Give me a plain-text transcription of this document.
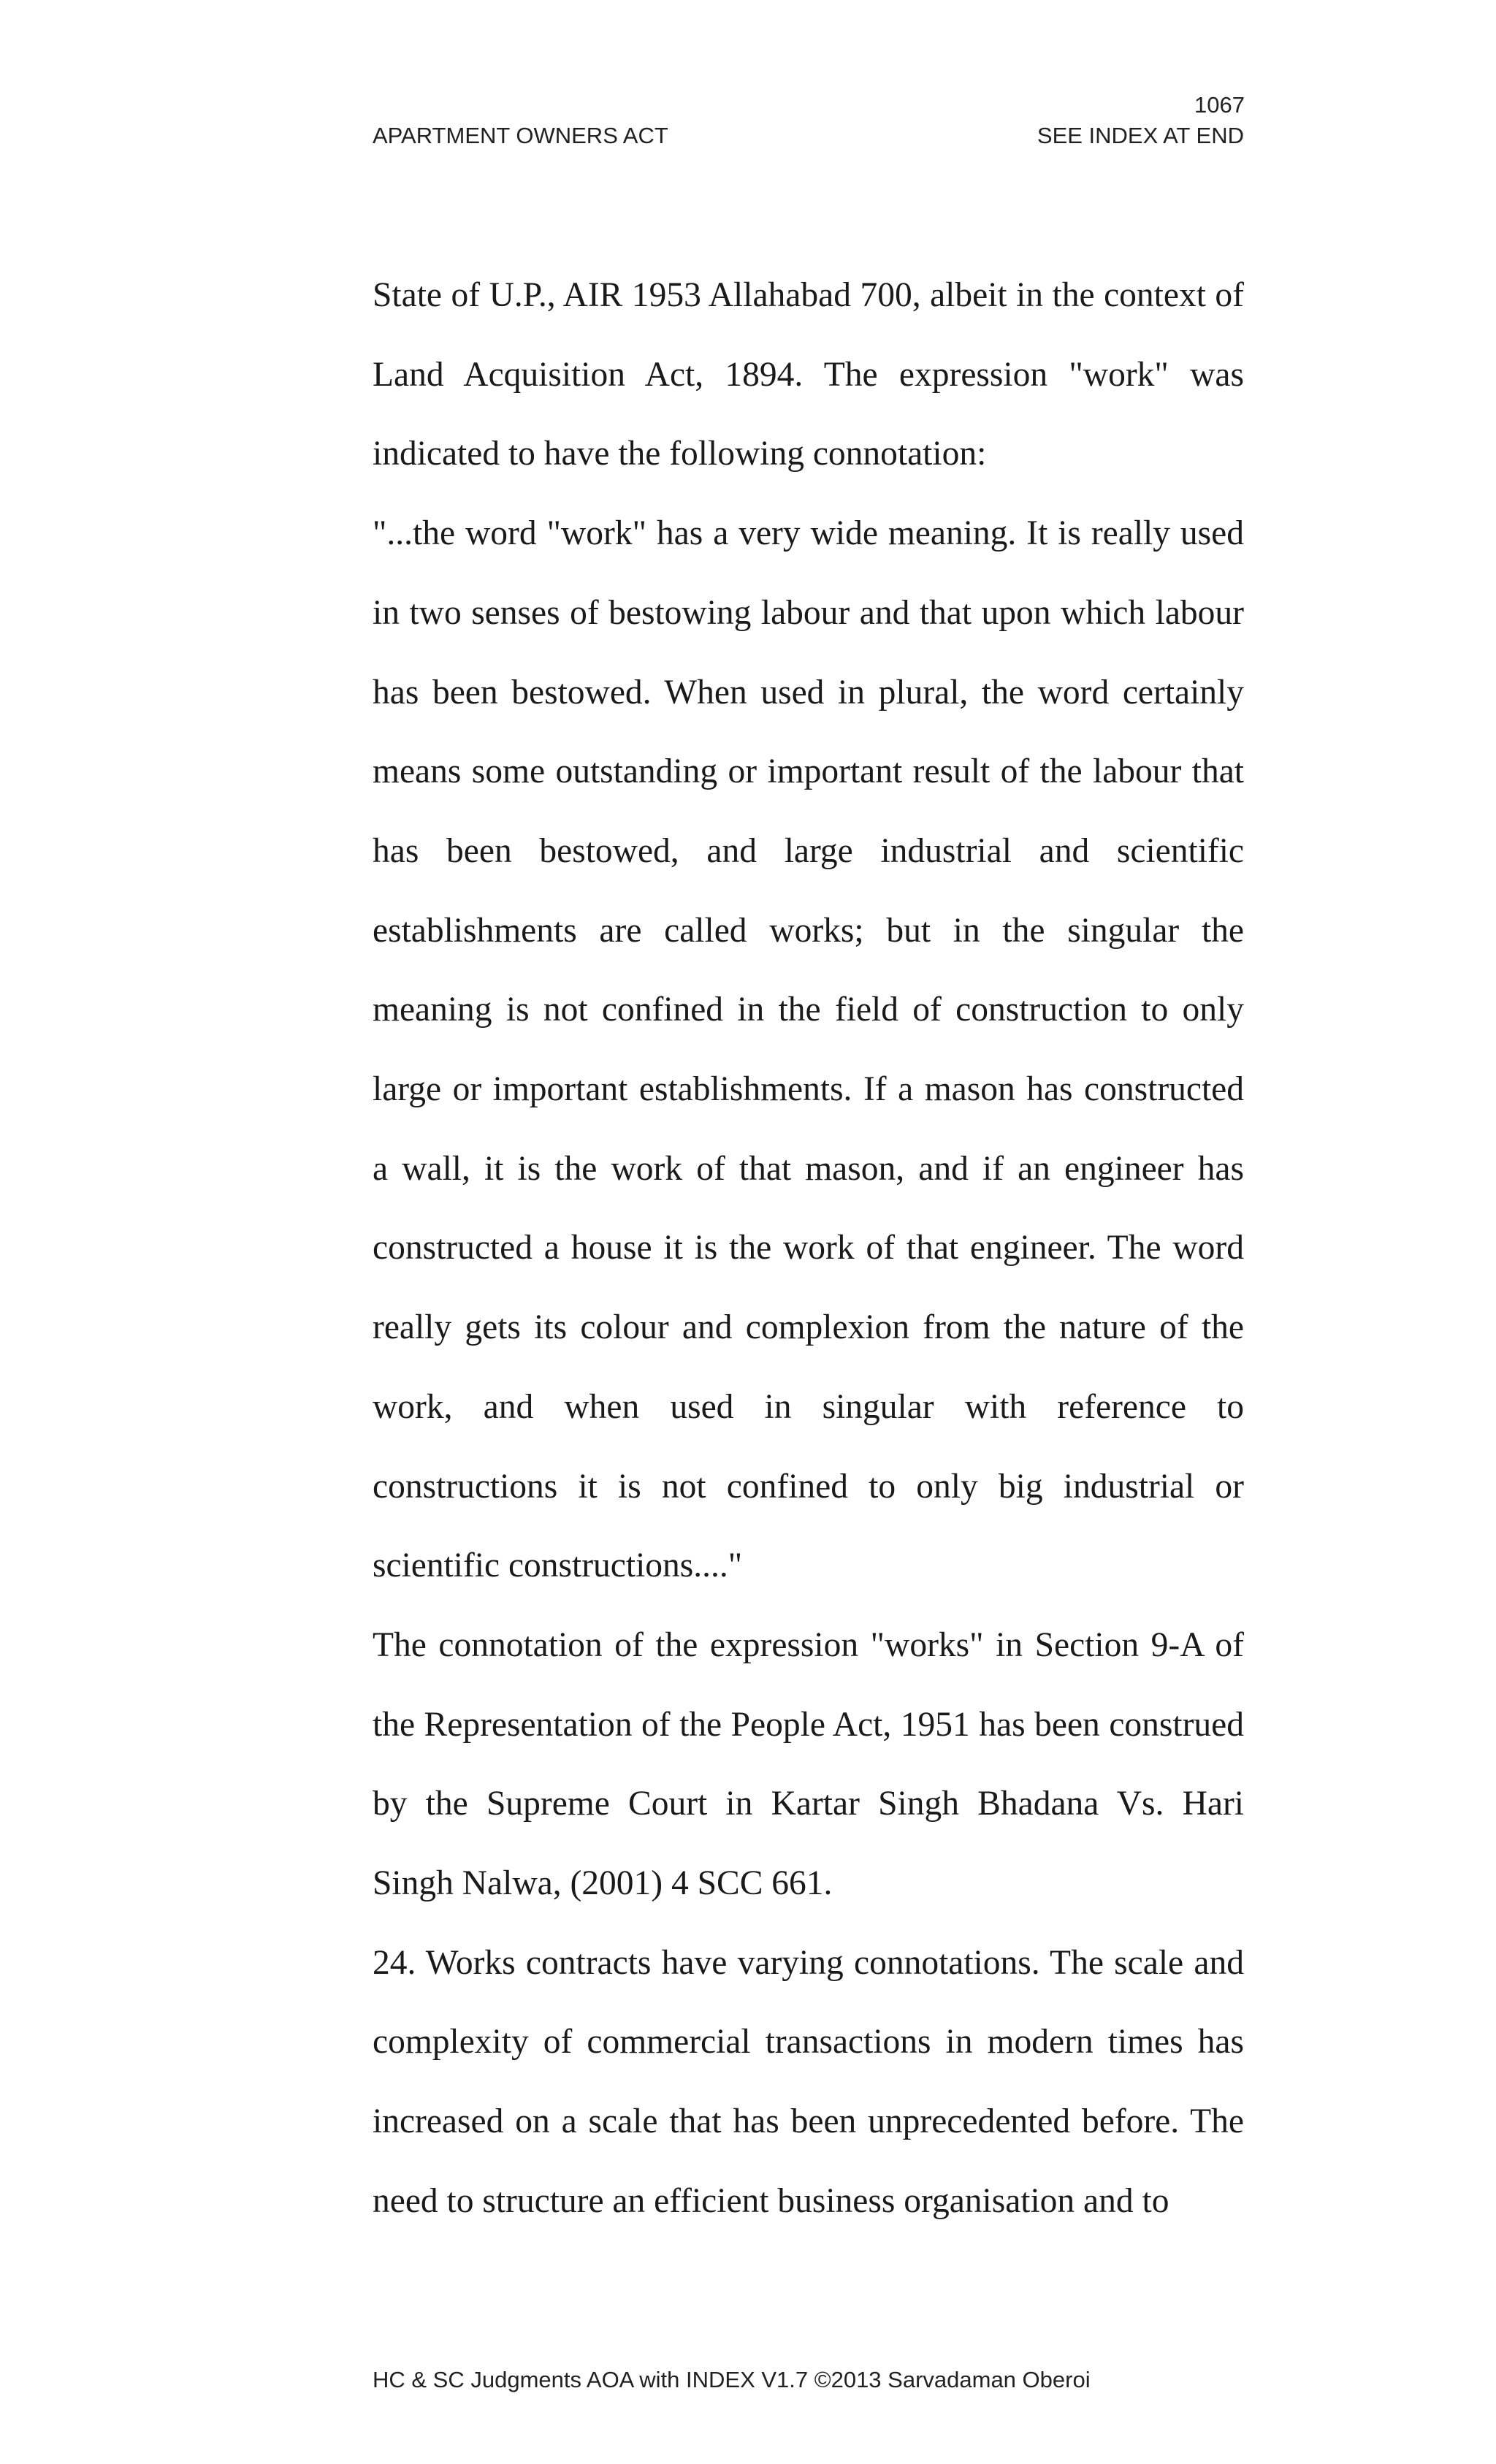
1067
APARTMENT OWNERS ACT	SEE INDEX AT END

State of U.P., AIR 1953 Allahabad 700, albeit in the context of Land Acquisition Act, 1894. The expression "work" was indicated to have the following connotation:

"...the word "work" has a very wide meaning. It is really used in two senses of bestowing labour and that upon which labour has been bestowed. When used in plural, the word certainly means some outstanding or important result of the labour that has been bestowed, and large industrial and scientific establishments are called works; but in the singular the meaning is not confined in the field of construction to only large or important establishments. If a mason has constructed a wall, it is the work of that mason, and if an engineer has constructed a house it is the work of that engineer. The word really gets its colour and complexion from the nature of the work, and when used in singular with reference to constructions it is not confined to only big industrial or scientific constructions...."

The connotation of the expression "works" in Section 9-A of the Representation of the People Act, 1951 has been construed by the Supreme Court in Kartar Singh Bhadana Vs. Hari Singh Nalwa, (2001) 4 SCC 661.

24. Works contracts have varying connotations. The scale and complexity of commercial transactions in modern times has increased on a scale that has been unprecedented before. The need to structure an efficient business organisation and to

HC & SC Judgments AOA with INDEX V1.7 ©2013 Sarvadaman Oberoi
